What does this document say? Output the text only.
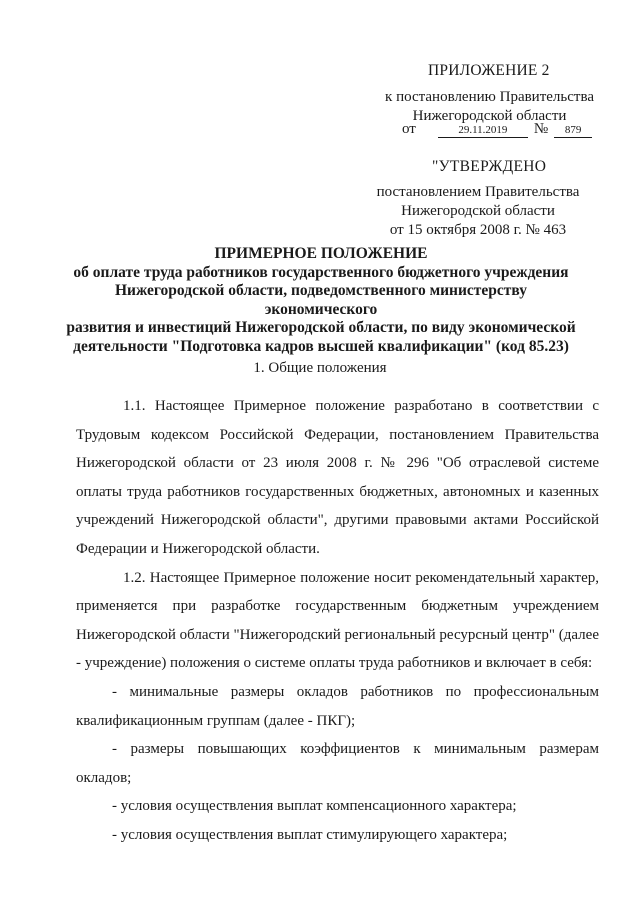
ПРИЛОЖЕНИЕ 2
к постановлению Правительства
Нижегородской области
от	29.11.2019	№	879
"УТВЕРЖДЕНО
постановлением Правительства
Нижегородской области
от 15 октября 2008 г. № 463
ПРИМЕРНОЕ ПОЛОЖЕНИЕ
об оплате труда работников государственного бюджетного учреждения
Нижегородской области, подведомственного министерству экономического
развития и инвестиций Нижегородской области, по виду экономической
деятельности "Подготовка кадров высшей квалификации" (код 85.23)
1. Общие положения

1.1. Настоящее Примерное положение разработано в соответствии с Трудовым кодексом Российской Федерации, постановлением Правительства Нижегородской области от 23 июля 2008 г. № 296 "Об отраслевой системе оплаты труда работников государственных бюджетных, автономных и казенных учреждений Нижегородской области", другими правовыми актами Российской Федерации и Нижегородской области.

1.2. Настоящее Примерное положение носит рекомендательный характер, применяется при разработке государственным бюджетным учреждением Нижегородской области "Нижегородский региональный ресурсный центр" (далее - учреждение) положения о системе оплаты труда работников и включает в себя:

- минимальные размеры окладов работников по профессиональным квалификационным группам (далее - ПКГ);

- размеры повышающих коэффициентов к минимальным размерам окладов;

- условия осуществления выплат компенсационного характера;

- условия осуществления выплат стимулирующего характера;
